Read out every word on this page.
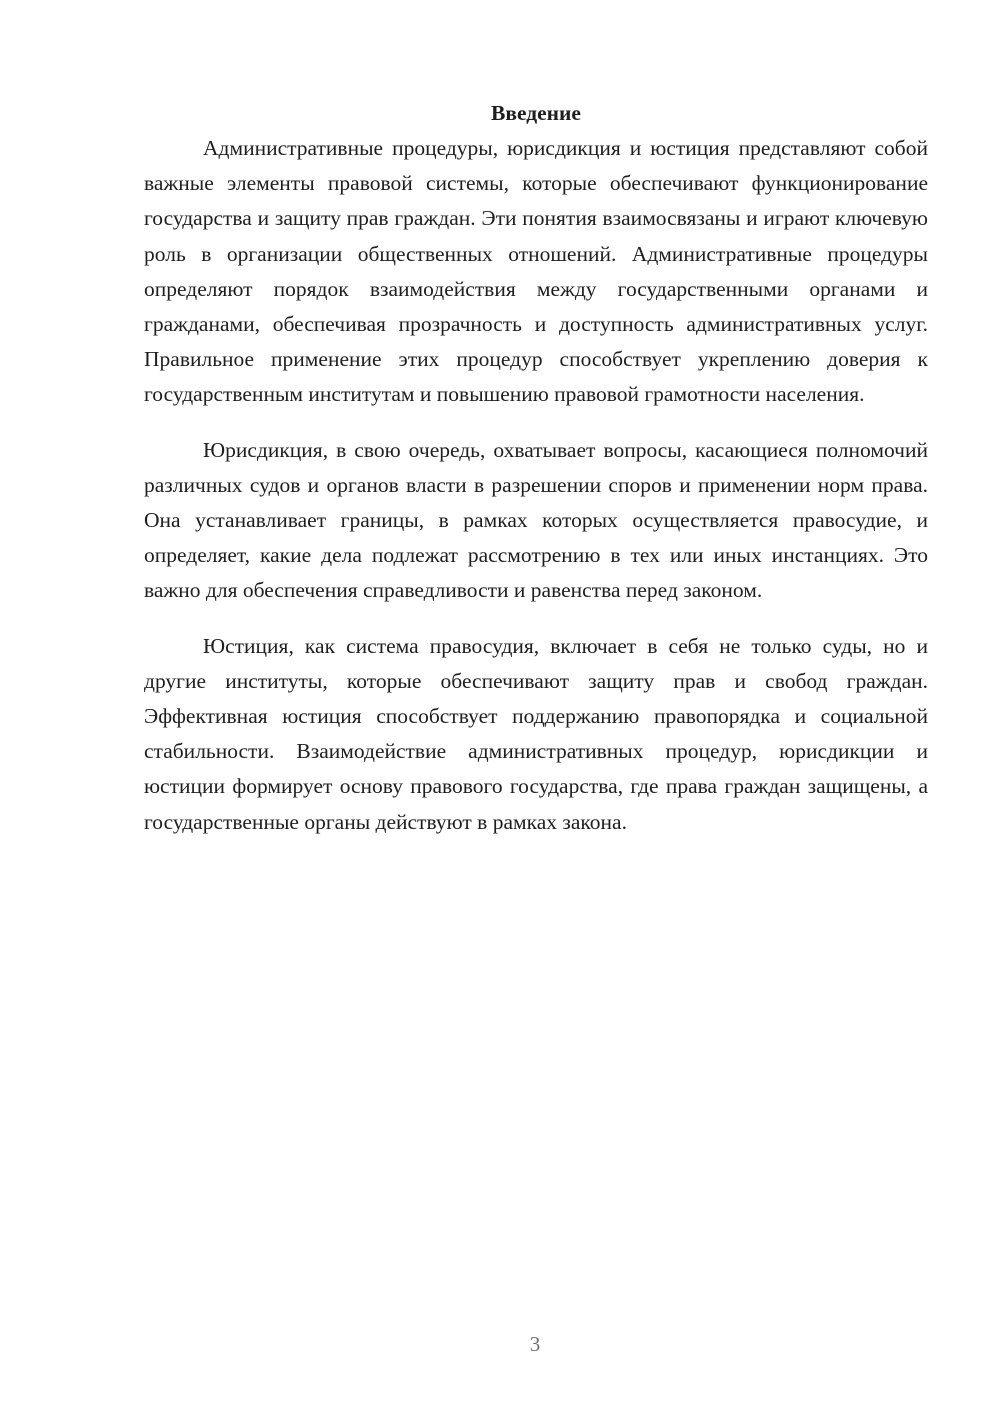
Введение

Административные процедуры, юрисдикция и юстиция представляют собой важные элементы правовой системы, которые обеспечивают функционирование государства и защиту прав граждан. Эти понятия взаимосвязаны и играют ключевую роль в организации общественных отношений. Административные процедуры определяют порядок взаимодействия между государственными органами и гражданами, обеспечивая прозрачность и доступность административных услуг. Правильное применение этих процедур способствует укреплению доверия к государственным институтам и повышению правовой грамотности населения.

Юрисдикция, в свою очередь, охватывает вопросы, касающиеся полномочий различных судов и органов власти в разрешении споров и применении норм права. Она устанавливает границы, в рамках которых осуществляется правосудие, и определяет, какие дела подлежат рассмотрению в тех или иных инстанциях. Это важно для обеспечения справедливости и равенства перед законом.

Юстиция, как система правосудия, включает в себя не только суды, но и другие институты, которые обеспечивают защиту прав и свобод граждан. Эффективная юстиция способствует поддержанию правопорядка и социальной стабильности. Взаимодействие административных процедур, юрисдикции и юстиции формирует основу правового государства, где права граждан защищены, а государственные органы действуют в рамках закона.

3
